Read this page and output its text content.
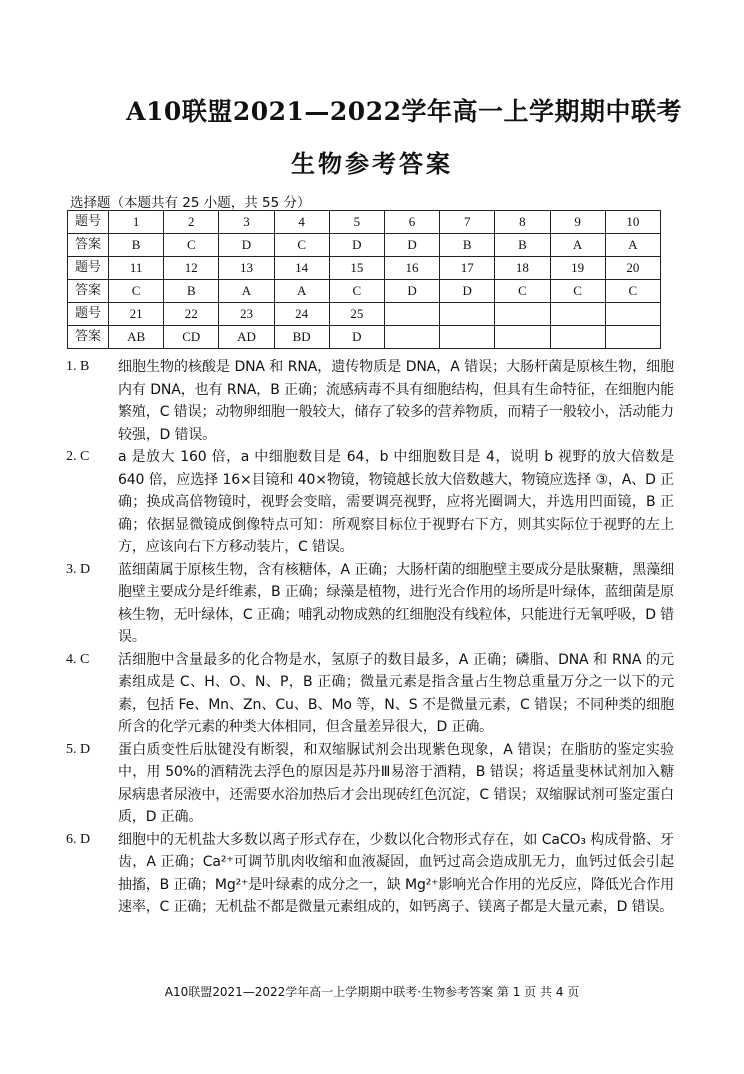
A10联盟2021—2022学年高一上学期期中联考
生物参考答案
选择题（本题共有 25 小题，共 55 分）
题号	1	2	3	4	5	6	7	8	9	10
答案	B	C	D	C	D	D	B	B	A	A
题号	11	12	13	14	15	16	17	18	19	20
答案	C	B	A	A	C	D	D	C	C	C
题号	21	22	23	24	25					
答案	AB	CD	AD	BD	D					
1. B	细胞生物的核酸是 DNA 和 RNA，遗传物质是 DNA，A 错误；大肠杆菌是原核生物，细胞内有 DNA，也有 RNA，B 正确；流感病毒不具有细胞结构，但具有生命特征，在细胞内能繁殖，C 错误；动物卵细胞一般较大，储存了较多的营养物质，而精子一般较小，活动能力较强，D 错误。
2. C	a 是放大 160 倍，a 中细胞数目是 64，b 中细胞数目是 4，说明 b 视野的放大倍数是 640 倍，应选择 16×目镜和 40×物镜，物镜越长放大倍数越大，物镜应选择 ③，A、D 正确；换成高倍物镜时，视野会变暗，需要调亮视野，应将光圈调大，并选用凹面镜，B 正确；依据显微镜成倒像特点可知：所观察目标位于视野右下方，则其实际位于视野的左上方，应该向右下方移动装片，C 错误。
3. D	蓝细菌属于原核生物，含有核糖体，A 正确；大肠杆菌的细胞壁主要成分是肽聚糖，黑藻细胞壁主要成分是纤维素，B 正确；绿藻是植物，进行光合作用的场所是叶绿体，蓝细菌是原核生物，无叶绿体，C 正确；哺乳动物成熟的红细胞没有线粒体，只能进行无氧呼吸，D 错误。
4. C	活细胞中含量最多的化合物是水，氢原子的数目最多，A 正确；磷脂、DNA 和 RNA 的元素组成是 C、H、O、N、P，B 正确；微量元素是指含量占生物总重量万分之一以下的元素，包括 Fe、Mn、Zn、Cu、B、Mo 等，N、S 不是微量元素，C 错误；不同种类的细胞所含的化学元素的种类大体相同，但含量差异很大，D 正确。
5. D	蛋白质变性后肽键没有断裂，和双缩脲试剂会出现紫色现象，A 错误；在脂肪的鉴定实验中，用 50%的酒精洗去浮色的原因是苏丹Ⅲ易溶于酒精，B 错误；将适量斐林试剂加入糖尿病患者尿液中，还需要水浴加热后才会出现砖红色沉淀，C 错误；双缩脲试剂可鉴定蛋白质，D 正确。
6. D	细胞中的无机盐大多数以离子形式存在，少数以化合物形式存在，如 CaCO₃ 构成骨骼、牙齿，A 正确；Ca²⁺可调节肌肉收缩和血液凝固，血钙过高会造成肌无力，血钙过低会引起抽搐，B 正确；Mg²⁺是叶绿素的成分之一，缺 Mg²⁺影响光合作用的光反应，降低光合作用速率，C 正确；无机盐不都是微量元素组成的，如钙离子、镁离子都是大量元素，D 错误。
A10联盟2021—2022学年高一上学期期中联考·生物参考答案 第 1 页 共 4 页
